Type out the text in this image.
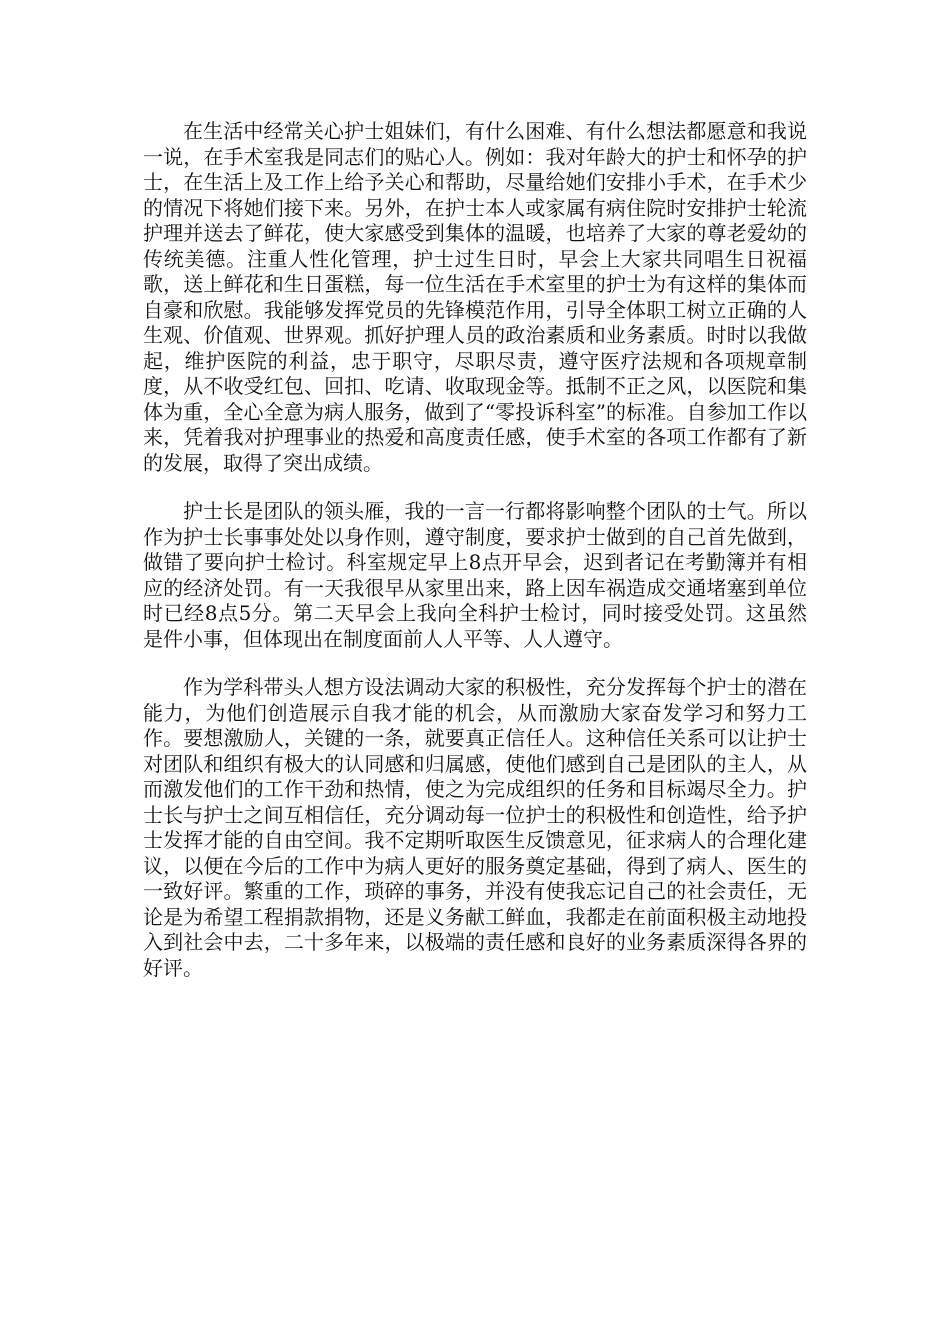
在生活中经常关心护士姐妹们，有什么困难、有什么想法都愿意和我说一说，在手术室我是同志们的贴心人。例如：我对年龄大的护士和怀孕的护士，在生活上及工作上给予关心和帮助，尽量给她们安排小手术，在手术少的情况下将她们接下来。另外，在护士本人或家属有病住院时安排护士轮流护理并送去了鲜花，使大家感受到集体的温暖，也培养了大家的尊老爱幼的传统美德。注重人性化管理，护士过生日时，早会上大家共同唱生日祝福歌，送上鲜花和生日蛋糕，每一位生活在手术室里的护士为有这样的集体而自豪和欣慰。我能够发挥党员的先锋模范作用，引导全体职工树立正确的人生观、价值观、世界观。抓好护理人员的政治素质和业务素质。时时以我做起，维护医院的利益，忠于职守，尽职尽责，遵守医疗法规和各项规章制度，从不收受红包、回扣、吃请、收取现金等。抵制不正之风，以医院和集体为重，全心全意为病人服务，做到了“零投诉科室”的标准。自参加工作以来，凭着我对护理事业的热爱和高度责任感，使手术室的各项工作都有了新的发展，取得了突出成绩。

护士长是团队的领头雁，我的一言一行都将影响整个团队的士气。所以作为护士长事事处处以身作则，遵守制度，要求护士做到的自己首先做到，做错了要向护士检讨。科室规定早上8点开早会，迟到者记在考勤簿并有相应的经济处罚。有一天我很早从家里出来，路上因车祸造成交通堵塞到单位时已经8点5分。第二天早会上我向全科护士检讨，同时接受处罚。这虽然是件小事，但体现出在制度面前人人平等、人人遵守。

作为学科带头人想方设法调动大家的积极性，充分发挥每个护士的潜在能力，为他们创造展示自我才能的机会，从而激励大家奋发学习和努力工作。要想激励人，关键的一条，就要真正信任人。这种信任关系可以让护士对团队和组织有极大的认同感和归属感，使他们感到自己是团队的主人，从而激发他们的工作干劲和热情，使之为完成组织的任务和目标竭尽全力。护士长与护士之间互相信任，充分调动每一位护士的积极性和创造性，给予护士发挥才能的自由空间。我不定期听取医生反馈意见，征求病人的合理化建议，以便在今后的工作中为病人更好的服务奠定基础，得到了病人、医生的一致好评。繁重的工作，琐碎的事务，并没有使我忘记自己的社会责任，无论是为希望工程捐款捐物，还是义务献工鲜血，我都走在前面积极主动地投入到社会中去，二十多年来，以极端的责任感和良好的业务素质深得各界的好评。
